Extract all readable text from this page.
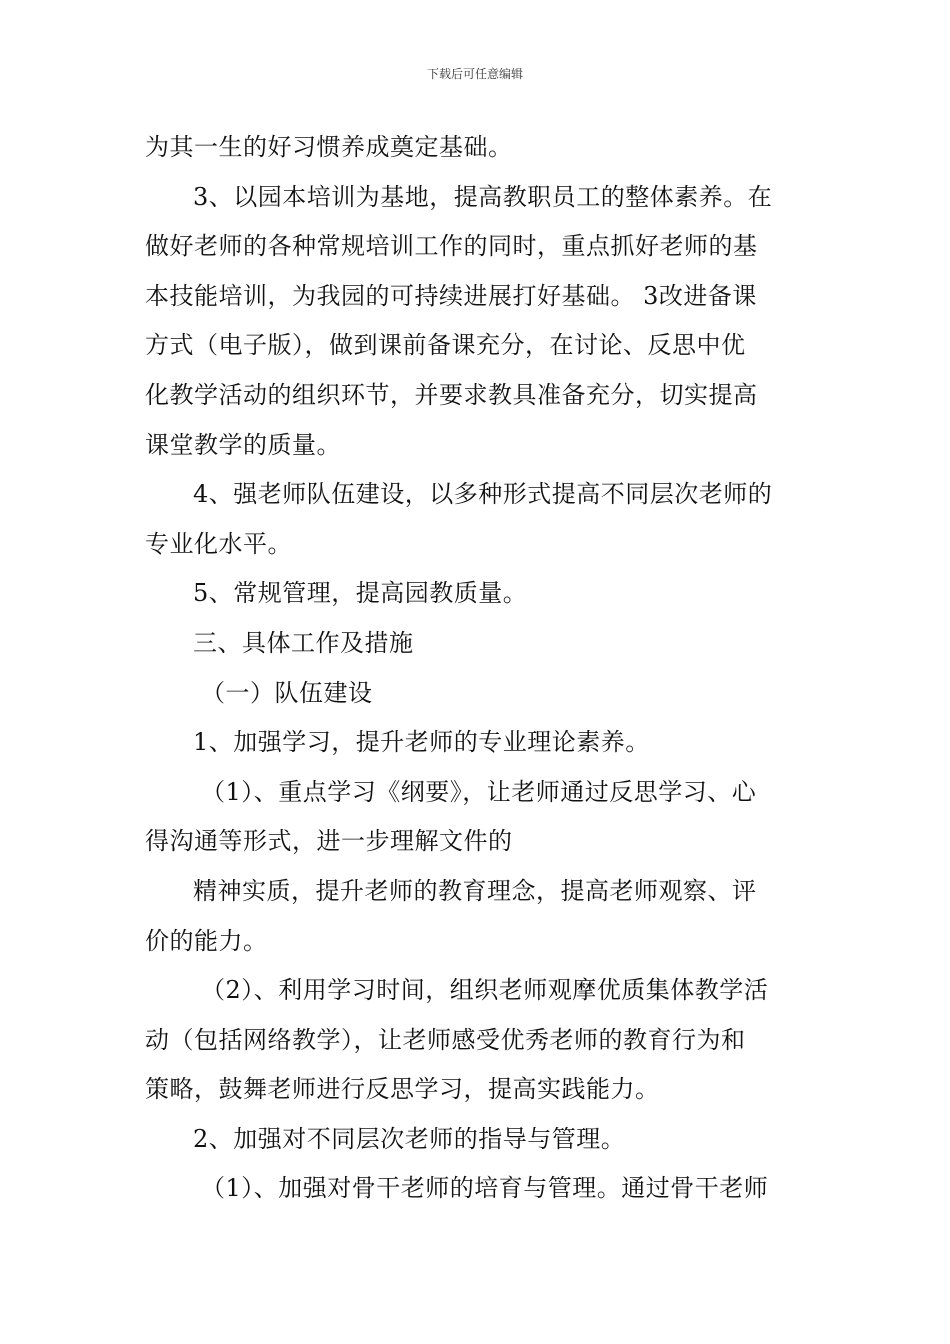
下载后可任意编辑
为其一生的好习惯养成奠定基础。
3、以园本培训为基地，提高教职员工的整体素养。在
做好老师的各种常规培训工作的同时，重点抓好老师的基
本技能培训，为我园的可持续进展打好基础。 3改进备课
方式（电子版），做到课前备课充分，在讨论、反思中优
化教学活动的组织环节，并要求教具准备充分，切实提高
课堂教学的质量。
4、强老师队伍建设，以多种形式提高不同层次老师的
专业化水平。
5、常规管理，提高园教质量。
三、具体工作及措施
（一）队伍建设
1、加强学习，提升老师的专业理论素养。
（1）、重点学习《纲要》，让老师通过反思学习、心
得沟通等形式，进一步理解文件的
精神实质，提升老师的教育理念，提高老师观察、评
价的能力。
（2）、利用学习时间，组织老师观摩优质集体教学活
动（包括网络教学），让老师感受优秀老师的教育行为和
策略，鼓舞老师进行反思学习，提高实践能力。
2、加强对不同层次老师的指导与管理。
（1）、加强对骨干老师的培育与管理。通过骨干老师
